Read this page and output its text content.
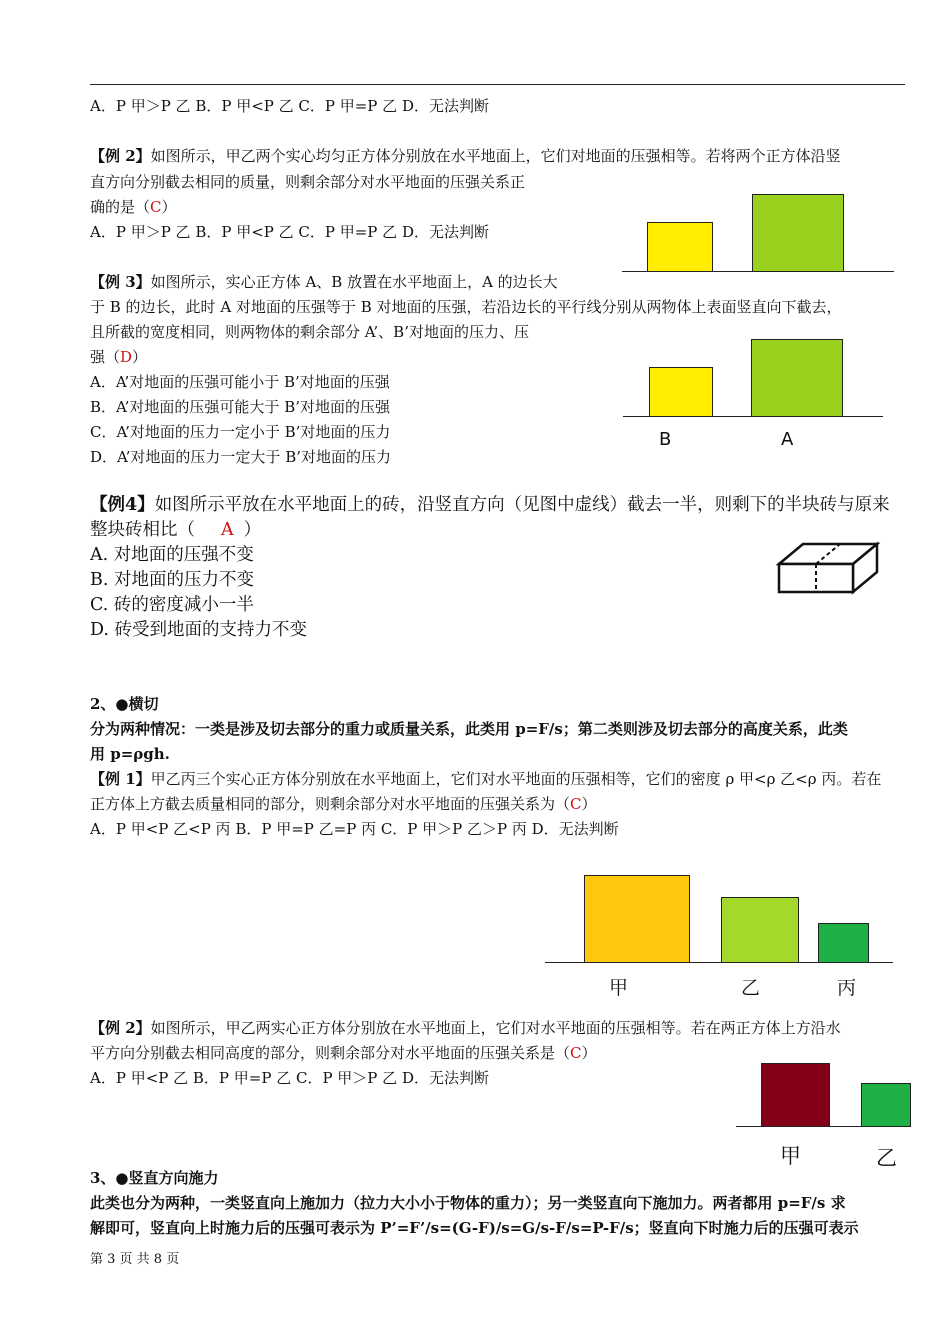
A．P 甲＞P 乙 B．P 甲<P 乙 C．P 甲=P 乙 D．无法判断
【例 2】如图所示，甲乙两个实心均匀正方体分别放在水平地面上，它们对地面的压强相等。若将两个正方体沿竖
直方向分别截去相同的质量，则剩余部分对水平地面的压强关系正
确的是（C）
A．P 甲＞P 乙 B．P 甲<P 乙 C．P 甲=P 乙 D．无法判断
【例 3】如图所示，实心正方体 A、B 放置在水平地面上，A 的边长大
于 B 的边长，此时 A 对地面的压强等于 B 对地面的压强，若沿边长的平行线分别从两物体上表面竖直向下截去，
且所截的宽度相同，则两物体的剩余部分 A’、B’对地面的压力、压
强（D）
A．A’对地面的压强可能小于 B’对地面的压强
B．A’对地面的压强可能大于 B’对地面的压强
C．A’对地面的压力一定小于 B’对地面的压力
D．A’对地面的压力一定大于 B’对地面的压力
B	A
【例4】如图所示平放在水平地面上的砖，沿竖直方向（见图中虚线）截去一半，则剩下的半块砖与原来
整块砖相比（ A ）
A. 对地面的压强不变
B. 对地面的压力不变
C. 砖的密度减小一半
D. 砖受到地面的支持力不变
2、●横切
分为两种情况：一类是涉及切去部分的重力或质量关系，此类用 p=F/s；第二类则涉及切去部分的高度关系，此类
用 p=ρgh.
【例 1】甲乙丙三个实心正方体分别放在水平地面上，它们对水平地面的压强相等，它们的密度 ρ 甲<ρ 乙<ρ 丙。若在
正方体上方截去质量相同的部分，则剩余部分对水平地面的压强关系为（C）
A．P 甲<P 乙<P 丙 B．P 甲=P 乙=P 丙 C．P 甲＞P 乙＞P 丙 D．无法判断
甲	乙	丙
【例 2】如图所示，甲乙两实心正方体分别放在水平地面上，它们对水平地面的压强相等。若在两正方体上方沿水
平方向分别截去相同高度的部分，则剩余部分对水平地面的压强关系是（C）
A．P 甲<P 乙 B．P 甲=P 乙 C．P 甲＞P 乙 D．无法判断
甲	乙
3、●竖直方向施力
此类也分为两种，一类竖直向上施加力（拉力大小小于物体的重力）；另一类竖直向下施加力。两者都用 p=F/s 求
解即可，竖直向上时施力后的压强可表示为 P’=F’/s=(G-F)/s=G/s-F/s=P-F/s；竖直向下时施力后的压强可表示
第 3 页 共 8 页
